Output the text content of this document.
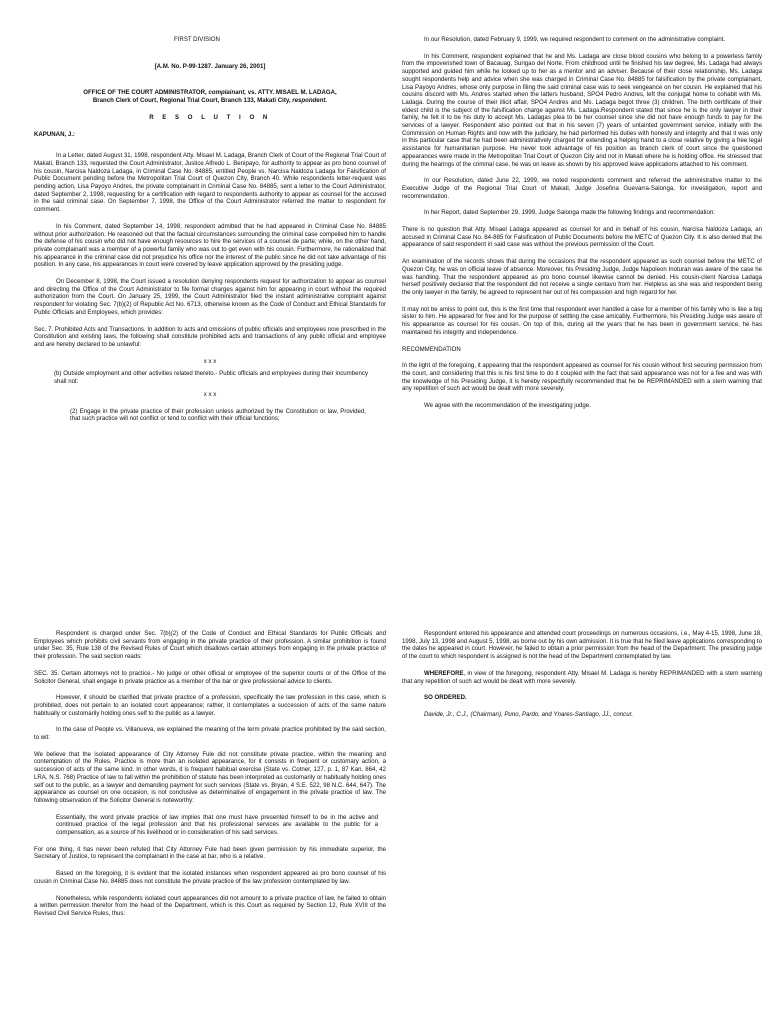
FIRST DIVISION

[A.M. No. P-99-1287. January 26, 2001]

OFFICE OF THE COURT ADMINISTRATOR, complainant, vs. ATTY. MISAEL M. LADAGA,

Branch Clerk of Court, Regional Trial Court, Branch 133, Makati City, respondent.

R E S O L U T I O N

KAPUNAN, J.:

In a Letter, dated August 31, 1998, respondent Atty. Misael M. Ladaga, Branch Clerk of Court of the Regional Trial Court of Makati, Branch 133, requested the Court Administrator, Justice Alfredo L. Benipayo, for authority to appear as pro bono counsel of his cousin, Narcisa Naldoza Ladaga, in Criminal Case No. 84885, entitled People vs. Narcisa Naldoza Ladaga for Falsification of Public Document pending before the Metropolitan Trial Court of Quezon City, Branch 40. While respondents letter-request was pending action, Lisa Payoyo Andres, the private complainant in Criminal Case No. 84885, sent a letter to the Court Administrator, dated September 2, 1998, requesting for a certification with regard to respondents authority to appear as counsel for the accused in the said criminal case. On September 7, 1998, the Office of the Court Administrator referred the matter to respondent for comment.

In his Comment, dated September 14, 1998, respondent admitted that he had appeared in Criminal Case No. 84885 without prior authorization. He reasoned out that the factual circumstances surrounding the criminal case compelled him to handle the defense of his cousin who did not have enough resources to hire the services of a counsel de parte; while, on the other hand, private complainant was a member of a powerful family who was out to get even with his cousin. Furthermore, he rationalized that his appearance in the criminal case did not prejudice his office nor the interest of the public since he did not take advantage of his position. In any case, his appearances in court were covered by leave application approved by the presiding judge.

On December 8, 1998, the Court issued a resolution denying respondents request for authorization to appear as counsel and directing the Office of the Court Administrator to file formal charges against him for appearing in court without the required authorization from the Court. On January 25, 1999, the Court Administrator filed the instant administrative complaint against respondent for violating Sec. 7(b)(2) of Republic Act No. 6713, otherwise known as the Code of Conduct and Ethical Standards for Public Officials and Employees, which provides:

Sec. 7. Prohibited Acts and Transactions. In addition to acts and omissions of public officials and employees now prescribed in the Constitution and existing laws, the following shall constitute prohibited acts and transactions of any public official and employee and are hereby declared to be unlawful:

x x x

(b) Outside employment and other activities related thereto.- Public officials and employees during their incumbency shall not:

x x x

(2) Engage in the private practice of their profession unless authorized by the Constitution or law, Provided, that such practice will not conflict or tend to conflict with their official functions;

In our Resolution, dated February 9, 1999, we required respondent to comment on the administrative complaint.

In his Comment, respondent explained that he and Ms. Ladaga are close blood cousins who belong to a powerless family from the impoverished town of Bacauag, Surigao del Norte. From childhood until he finished his law degree, Ms. Ladaga had always supported and guided him while he looked up to her as a mentor and an adviser. Because of their close relationship, Ms. Ladaga sought respondents help and advice when she was charged in Criminal Case No. 84885 for falsification by the private complainant, Lisa Payoyo Andres, whose only purpose in filing the said criminal case was to seek vengeance on her cousin. He explained that his cousins discord with Ms. Andres started when the latters husband, SPO4 Pedro Andres, left the conjugal home to cohabit with Ms. Ladaga. During the course of their illicit affair, SPO4 Andres and Ms. Ladaga begot three (3) children. The birth certificate of their eldest child is the subject of the falsification charge against Ms. Ladaga.Respondent stated that since he is the only lawyer in their family, he felt it to be his duty to accept Ms. Ladagas plea to be her counsel since she did not have enough funds to pay for the services of a lawyer. Respondent also pointed out that in his seven (7) years of untainted government service, initially with the Commission on Human Rights and now with the judiciary, he had performed his duties with honesty and integrity and that it was only in this particular case that he had been administratively charged for extending a helping hand to a close relative by giving a free legal assistance for humanitarian purpose. He never took advantage of his position as branch clerk of court since the questioned appearances were made in the Metropolitan Trial Court of Quezon City and not in Makati where he is holding office. He stressed that during the hearings of the criminal case, he was on leave as shown by his approved leave applications attached to his comment.

In our Resolution, dated June 22, 1999, we noted respondents comment and referred the administrative matter to the Executive Judge of the Regional Trial Court of Makati, Judge Josefina Guevarra-Salonga, for investigation, report and recommendation.

In her Report, dated September 29, 1999, Judge Salonga made the following findings and recommendation:

There is no question that Atty. Misael Ladaga appeared as counsel for and in behalf of his cousin, Narcisa Naldoza Ladaga, an accused in Criminal Case No. 84-885 for Falsification of Public Documents before the METC of Quezon City. It is also denied that the appearance of said respondent in said case was without the previous permission of the Court.

An examination of the records shows that during the occasions that the respondent appeared as such counsel before the METC of Quezon City, he was on official leave of absence. Moreover, his Presiding Judge, Judge Napoleon Inoturan was aware of the case he was handling. That the respondent appeared as pro bono counsel likewise cannot be denied. His cousin-client Narcisa Ladaga herself positively declared that the respondent did not receive a single centavo from her. Helpless as she was and respondent being the only lawyer in the family, he agreed to represent her out of his compassion and high regard for her.

It may not be amiss to point out, this is the first time that respondent ever handled a case for a member of his family who is like a big sister to him. He appeared for free and for the purpose of settling the case amicably. Furthermore, his Presiding Judge was aware of his appearance as counsel for his cousin. On top of this, during all the years that he has been in government service, he has maintained his integrity and independence.

RECOMMENDATION

In the light of the foregoing, it appearing that the respondent appeared as counsel for his cousin without first securing permission from the court, and considering that this is his first time to do it coupled with the fact that said appearance was not for a fee and was with the knowledge of his Presiding Judge, it is hereby respectfully recommended that he be REPRIMANDED with a stern warning that any repetition of such act would be dealt with more severely.

We agree with the recommendation of the investigating judge.

Respondent is charged under Sec. 7(b)(2) of the Code of Conduct and Ethical Standards for Public Officials and Employees which prohibits civil servants from engaging in the private practice of their profession. A similar prohibition is found under Sec. 35, Rule 138 of the Revised Rules of Court which disallows certain attorneys from engaging in the private practice of their profession. The said section reads:

SEC. 35. Certain attorneys not to practice.- No judge or other official or employee of the superior courts or of the Office of the Solicitor General, shall engage in private practice as a member of the bar or give professional advice to clients.

However, it should be clarified that private practice of a profession, specifically the law profession in this case, which is prohibited, does not pertain to an isolated court appearance; rather, it contemplates a succession of acts of the same nature habitually or customarily holding ones self to the public as a lawyer.

In the case of People vs. Villanueva, we explained the meaning of the term private practice prohibited by the said section, to wit:

We believe that the isolated appearance of City Attorney Fule did not constitute private practice, within the meaning and contemplation of the Rules. Practice is more than an isolated appearance, for it consists in frequent or customary action, a succession of acts of the same kind. In other words, it is frequent habitual exercise (State vs. Cotner, 127, p. 1, 87 Kan. 864, 42 LRA, N.S. 768) Practice of law to fall within the prohibition of statute has been interpreted as customarily or habitually holding ones self out to the public, as a lawyer and demanding payment for such services (State vs. Bryan, 4 S.E. 522, 98 N.C. 644, 647). The appearance as counsel on one occasion, is not conclusive as determinative of engagement in the private practice of law. The following observation of the Solicitor General is noteworthy:

Essentially, the word private practice of law implies that one must have presented himself to be in the active and continued practice of the legal profession and that his professional services are available to the public for a compensation, as a source of his livelihood or in consideration of his said services.

For one thing, it has never been refuted that City Attorney Fule had been given permission by his immediate superior, the Secretary of Justice, to represent the complainant in the case at bar, who is a relative.

Based on the foregoing, it is evident that the isolated instances when respondent appeared as pro bono counsel of his cousin in Criminal Case No. 84885 does not constitute the private practice of the law profession contemplated by law.

Nonetheless, while respondents isolated court appearances did not amount to a private practice of law, he failed to obtain a written permission therefor from the head of the Department, which is this Court as required by Section 12, Rule XVIII of the Revised Civil Service Rules, thus:

Respondent entered his appearance and attended court proceedings on numerous occasions, i.e., May 4-15, 1998, June 18, 1998, July 13, 1998 and August 5, 1998, as borne out by his own admission. It is true that he filed leave applications corresponding to the dates he appeared in court. However, he failed to obtain a prior permission from the head of the Department. The presiding judge of the court to which respondent is assigned is not the head of the Department contemplated by law.

WHEREFORE, in view of the foregoing, respondent Atty. Misael M. Ladaga is hereby REPRIMANDED with a stern warning that any repetition of such act would be dealt with more severely.

SO ORDERED.

Davide, Jr., C.J., (Chairman), Puno, Pardo, and Ynares-Santiago, JJ., concur.
